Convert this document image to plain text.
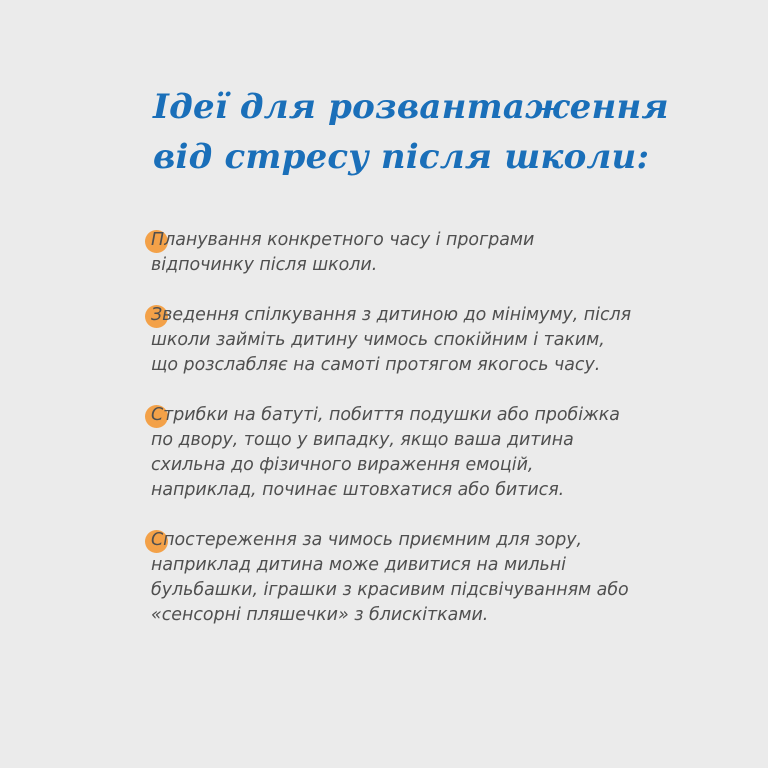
Ідеї для розвантаження
від стресу після школи:

Планування конкретного часу і програми
відпочинку після школи.

Зведення спілкування з дитиною до мінімуму, після
школи займіть дитину чимось спокійним і таким,
що розслабляє на самоті протягом якогось часу.

Стрибки на батуті, побиття подушки або пробіжка
по двору, тощо у випадку, якщо ваша дитина
схильна до фізичного вираження емоцій,
наприклад, починає штовхатися або битися.

Спостереження за чимось приємним для зору,
наприклад дитина може дивитися на мильні
бульбашки, іграшки з красивим підсвічуванням або
«сенсорні пляшечки» з блискітками.
